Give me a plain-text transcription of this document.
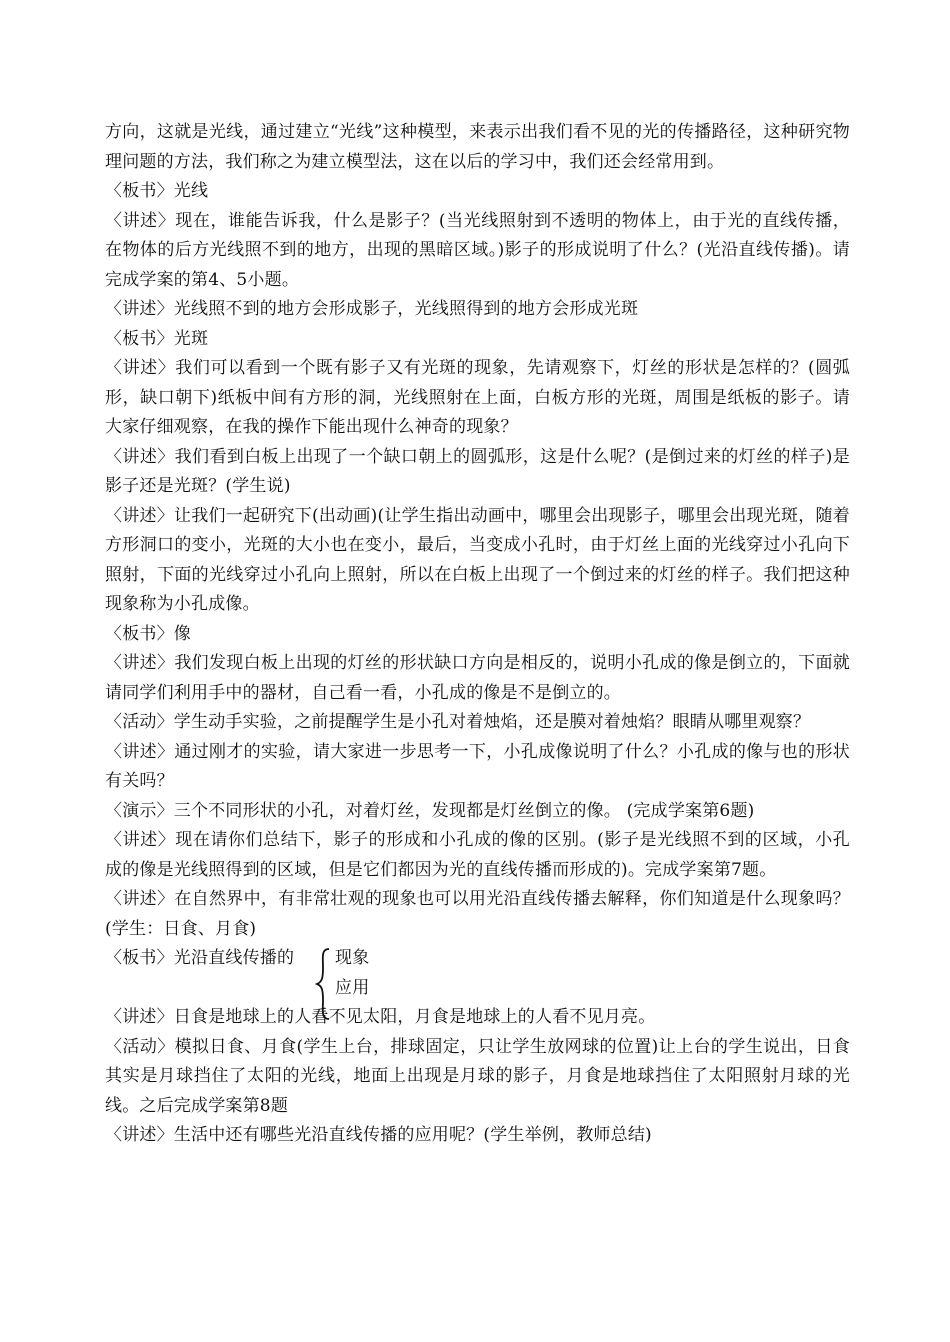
方向，这就是光线，通过建立“光线”这种模型，来表示出我们看不见的光的传播路径，这种研究物理问题的方法，我们称之为建立模型法，这在以后的学习中，我们还会经常用到。

〈板书〉光线

〈讲述〉现在，谁能告诉我，什么是影子？(当光线照射到不透明的物体上，由于光的直线传播，在物体的后方光线照不到的地方，出现的黑暗区域。)影子的形成说明了什么？(光沿直线传播)。请完成学案的第4、5小题。

〈讲述〉光线照不到的地方会形成影子，光线照得到的地方会形成光斑

〈板书〉光斑

〈讲述〉我们可以看到一个既有影子又有光斑的现象，先请观察下，灯丝的形状是怎样的？(圆弧形，缺口朝下)纸板中间有方形的洞，光线照射在上面，白板方形的光斑，周围是纸板的影子。请大家仔细观察，在我的操作下能出现什么神奇的现象？

〈讲述〉我们看到白板上出现了一个缺口朝上的圆弧形，这是什么呢？(是倒过来的灯丝的样子)是影子还是光斑？(学生说)

〈讲述〉让我们一起研究下(出动画)(让学生指出动画中，哪里会出现影子，哪里会出现光斑，随着方形洞口的变小，光斑的大小也在变小，最后，当变成小孔时，由于灯丝上面的光线穿过小孔向下照射，下面的光线穿过小孔向上照射，所以在白板上出现了一个倒过来的灯丝的样子。我们把这种现象称为小孔成像。

〈板书〉像

〈讲述〉我们发现白板上出现的灯丝的形状缺口方向是相反的，说明小孔成的像是倒立的，下面就请同学们利用手中的器材，自己看一看，小孔成的像是不是倒立的。

〈活动〉学生动手实验，之前提醒学生是小孔对着烛焰，还是膜对着烛焰？眼睛从哪里观察？

〈讲述〉通过刚才的实验，请大家进一步思考一下，小孔成像说明了什么？小孔成的像与也的形状有关吗？

〈演示〉三个不同形状的小孔，对着灯丝，发现都是灯丝倒立的像。 (完成学案第6题)

〈讲述〉现在请你们总结下，影子的形成和小孔成的像的区别。(影子是光线照不到的区域，小孔成的像是光线照得到的区域，但是它们都因为光的直线传播而形成的)。完成学案第7题。

〈讲述〉在自然界中，有非常壮观的现象也可以用光沿直线传播去解释，你们知道是什么现象吗？(学生：日食、月食)

〈板书〉光沿直线传播的 现象
应用

〈讲述〉日食是地球上的人看不见太阳，月食是地球上的人看不见月亮。

〈活动〉模拟日食、月食(学生上台，排球固定，只让学生放网球的位置)让上台的学生说出，日食其实是月球挡住了太阳的光线，地面上出现是月球的影子，月食是地球挡住了太阳照射月球的光线。之后完成学案第8题

〈讲述〉生活中还有哪些光沿直线传播的应用呢？(学生举例，教师总结)
